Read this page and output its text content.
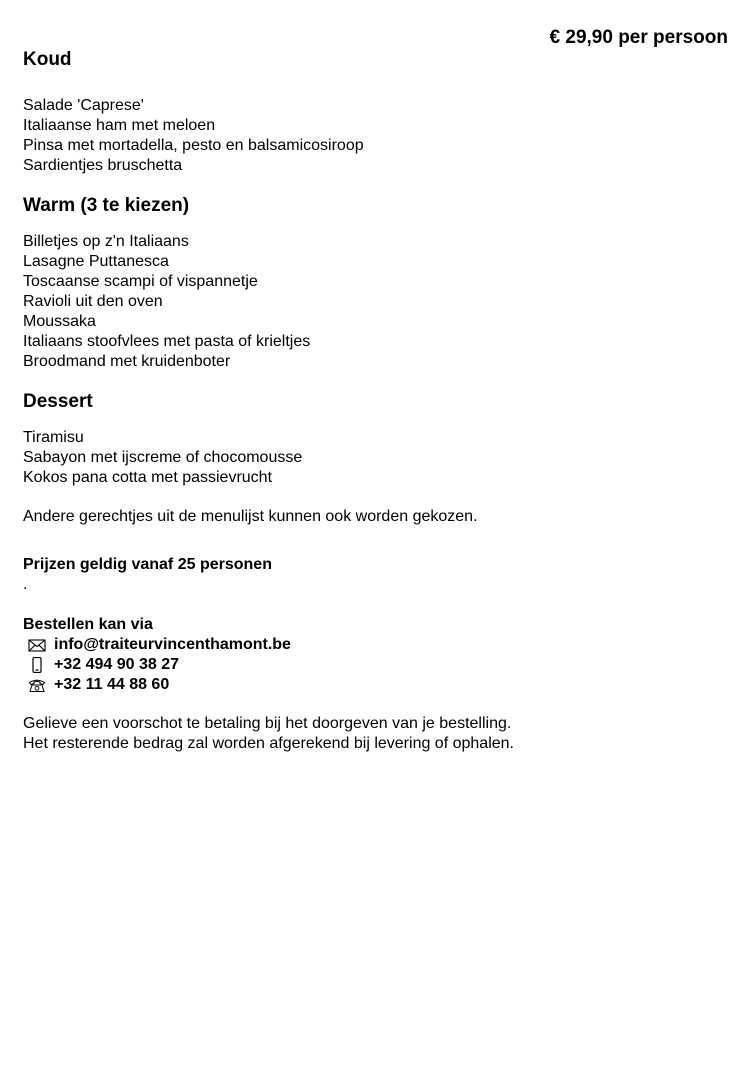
€ 29,90 per persoon
Koud
Salade 'Caprese'
Italiaanse ham met meloen
Pinsa met mortadella, pesto en balsamicosiroop
Sardientjes bruschetta
Warm (3 te kiezen)
Billetjes op z'n Italiaans
Lasagne Puttanesca
Toscaanse scampi of vispannetje
Ravioli uit den oven
Moussaka
Italiaans stoofvlees met pasta of krieltjes
Broodmand met kruidenboter
Dessert
Tiramisu
Sabayon met ijscreme of chocomousse
Kokos pana cotta met passievrucht

Andere gerechtjes uit de menulijst kunnen ook worden gekozen.

Prijzen geldig vanaf 25 personen

.

Bestellen kan via

info@traiteurvincenthamont.be
+32 494 90 38 27
+32 11 44 88 60

Gelieve een voorschot te betaling bij het doorgeven van je bestelling.

Het resterende bedrag zal worden afgerekend bij levering of ophalen.
